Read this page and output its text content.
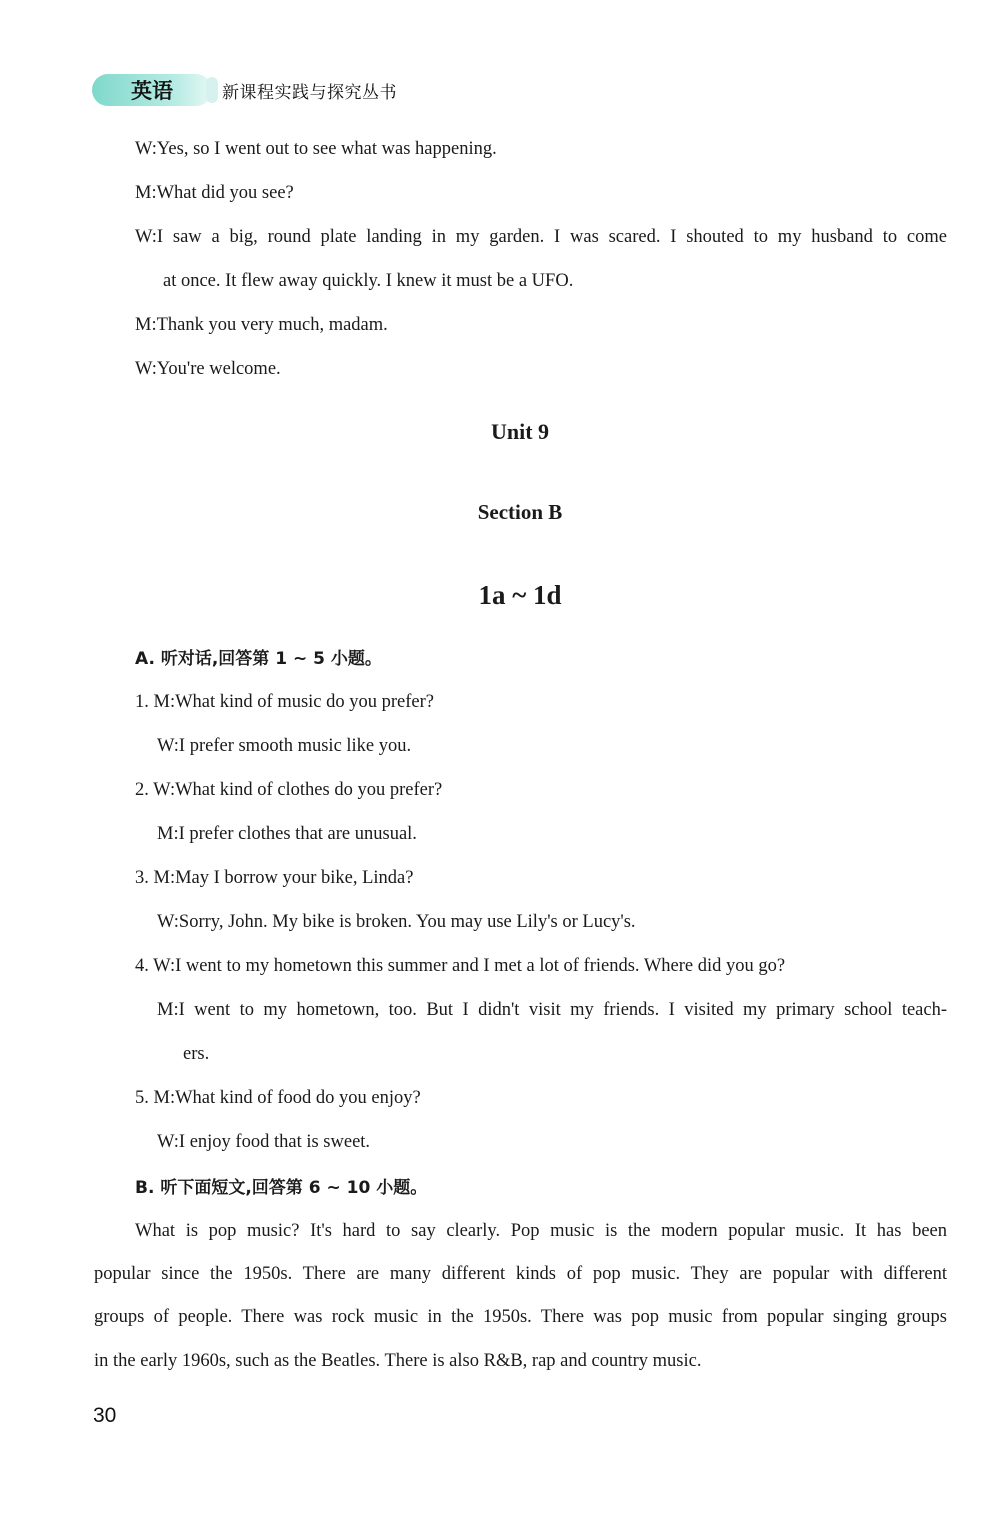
英语	新课程实践与探究丛书
W:Yes, so I went out to see what was happening.
M:What did you see?
W:I saw a big, round plate landing in my garden. I was scared. I shouted to my husband to come
at once. It flew away quickly. I knew it must be a UFO.
M:Thank you very much, madam.
W:You're welcome.
Unit 9
Section B
1a ~ 1d
A. 听对话,回答第 1 ~ 5 小题。
1. M:What kind of music do you prefer?
W:I prefer smooth music like you.
2. W:What kind of clothes do you prefer?
M:I prefer clothes that are unusual.
3. M:May I borrow your bike, Linda?
W:Sorry, John. My bike is broken. You may use Lily's or Lucy's.
4. W:I went to my hometown this summer and I met a lot of friends. Where did you go?
M:I went to my hometown, too. But I didn't visit my friends. I visited my primary school teach-
ers.
5. M:What kind of food do you enjoy?
W:I enjoy food that is sweet.
B. 听下面短文,回答第 6 ~ 10 小题。
What is pop music? It's hard to say clearly. Pop music is the modern popular music. It has been
popular since the 1950s. There are many different kinds of pop music. They are popular with different
groups of people. There was rock music in the 1950s. There was pop music from popular singing groups
in the early 1960s, such as the Beatles. There is also R&B, rap and country music.
30
